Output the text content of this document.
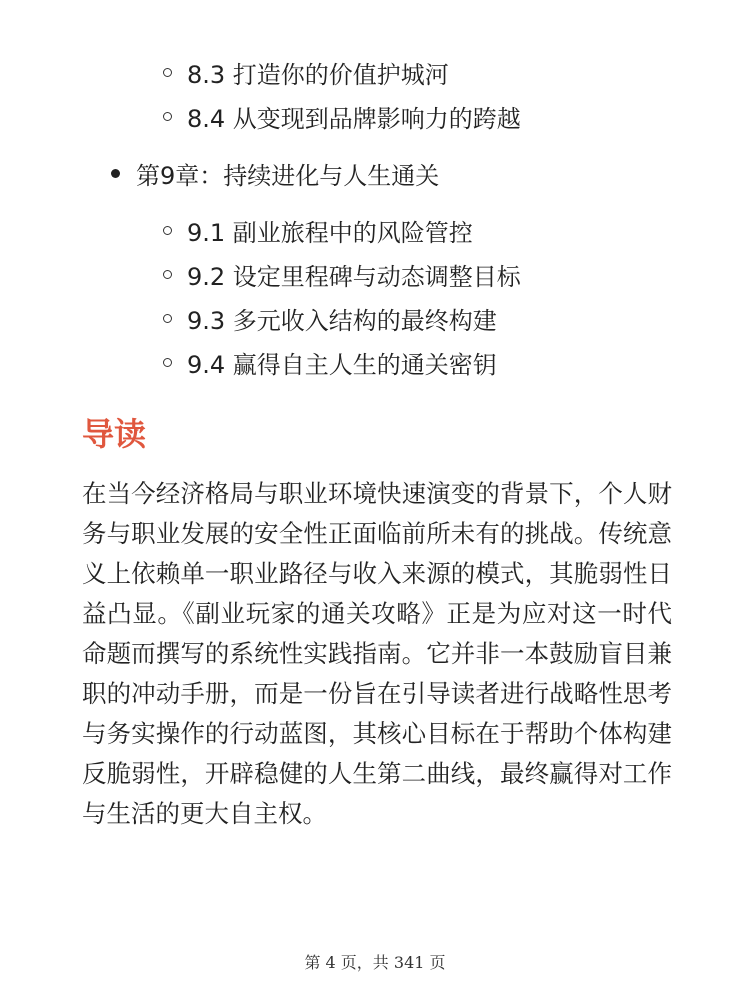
8.3 打造你的价值护城河
8.4 从变现到品牌影响力的跨越
第9章：持续进化与人生通关
9.1 副业旅程中的风险管控
9.2 设定里程碑与动态调整目标
9.3 多元收入结构的最终构建
9.4 赢得自主人生的通关密钥
导读

在当今经济格局与职业环境快速演变的背景下，个人财务与职业发展的安全性正面临前所未有的挑战。传统意义上依赖单一职业路径与收入来源的模式，其脆弱性日益凸显。《副业玩家的通关攻略》正是为应对这一时代命题而撰写的系统性实践指南。它并非一本鼓励盲目兼职的冲动手册，而是一份旨在引导读者进行战略性思考与务实操作的行动蓝图，其核心目标在于帮助个体构建反脆弱性，开辟稳健的人生第二曲线，最终赢得对工作与生活的更大自主权。

第 4 页，共 341 页
